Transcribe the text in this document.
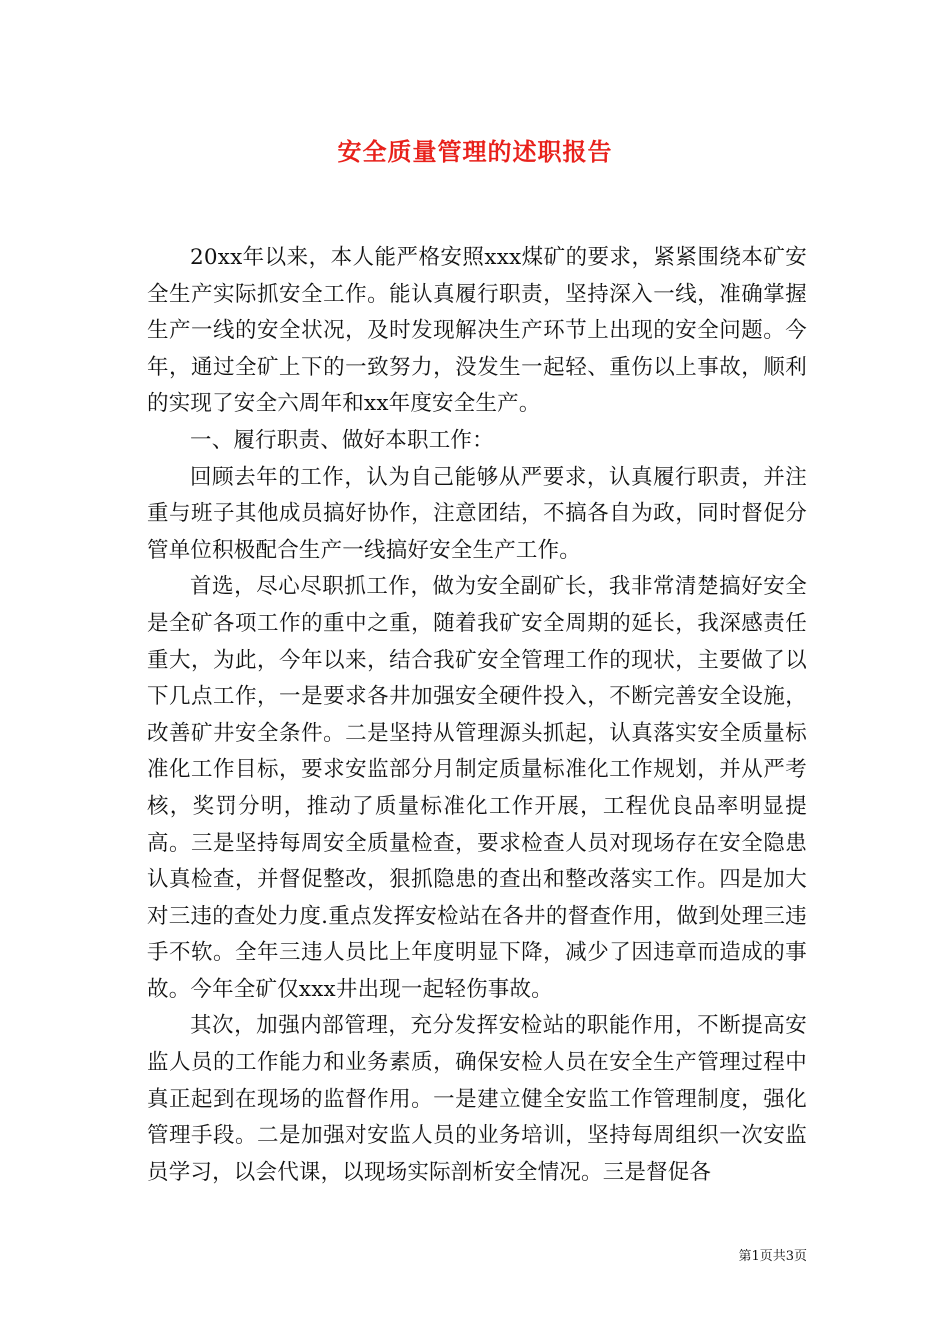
安全质量管理的述职报告

20xx年以来，本人能严格安照xxx煤矿的要求，紧紧围绕本矿安全生产实际抓安全工作。能认真履行职责，坚持深入一线，准确掌握生产一线的安全状况，及时发现解决生产环节上出现的安全问题。今年，通过全矿上下的一致努力，没发生一起轻、重伤以上事故，顺利的实现了安全六周年和xx年度安全生产。

一、履行职责、做好本职工作：

回顾去年的工作，认为自己能够从严要求，认真履行职责，并注重与班子其他成员搞好协作，注意团结，不搞各自为政，同时督促分管单位积极配合生产一线搞好安全生产工作。

首选，尽心尽职抓工作，做为安全副矿长，我非常清楚搞好安全是全矿各项工作的重中之重，随着我矿安全周期的延长，我深感责任重大，为此，今年以来，结合我矿安全管理工作的现状，主要做了以下几点工作，一是要求各井加强安全硬件投入，不断完善安全设施，改善矿井安全条件。二是坚持从管理源头抓起，认真落实安全质量标准化工作目标，要求安监部分月制定质量标准化工作规划，并从严考核，奖罚分明，推动了质量标准化工作开展，工程优良品率明显提高。三是坚持每周安全质量检查，要求检查人员对现场存在安全隐患认真检查，并督促整改，狠抓隐患的查出和整改落实工作。四是加大对三违的查处力度.重点发挥安检站在各井的督查作用，做到处理三违手不软。全年三违人员比上年度明显下降，减少了因违章而造成的事故。今年全矿仅xxx井出现一起轻伤事故。

其次，加强内部管理，充分发挥安检站的职能作用，不断提高安监人员的工作能力和业务素质，确保安检人员在安全生产管理过程中真正起到在现场的监督作用。一是建立健全安监工作管理制度，强化管理手段。二是加强对安监人员的业务培训，坚持每周组织一次安监员学习，以会代课，以现场实际剖析安全情况。三是督促各

第1页共3页
